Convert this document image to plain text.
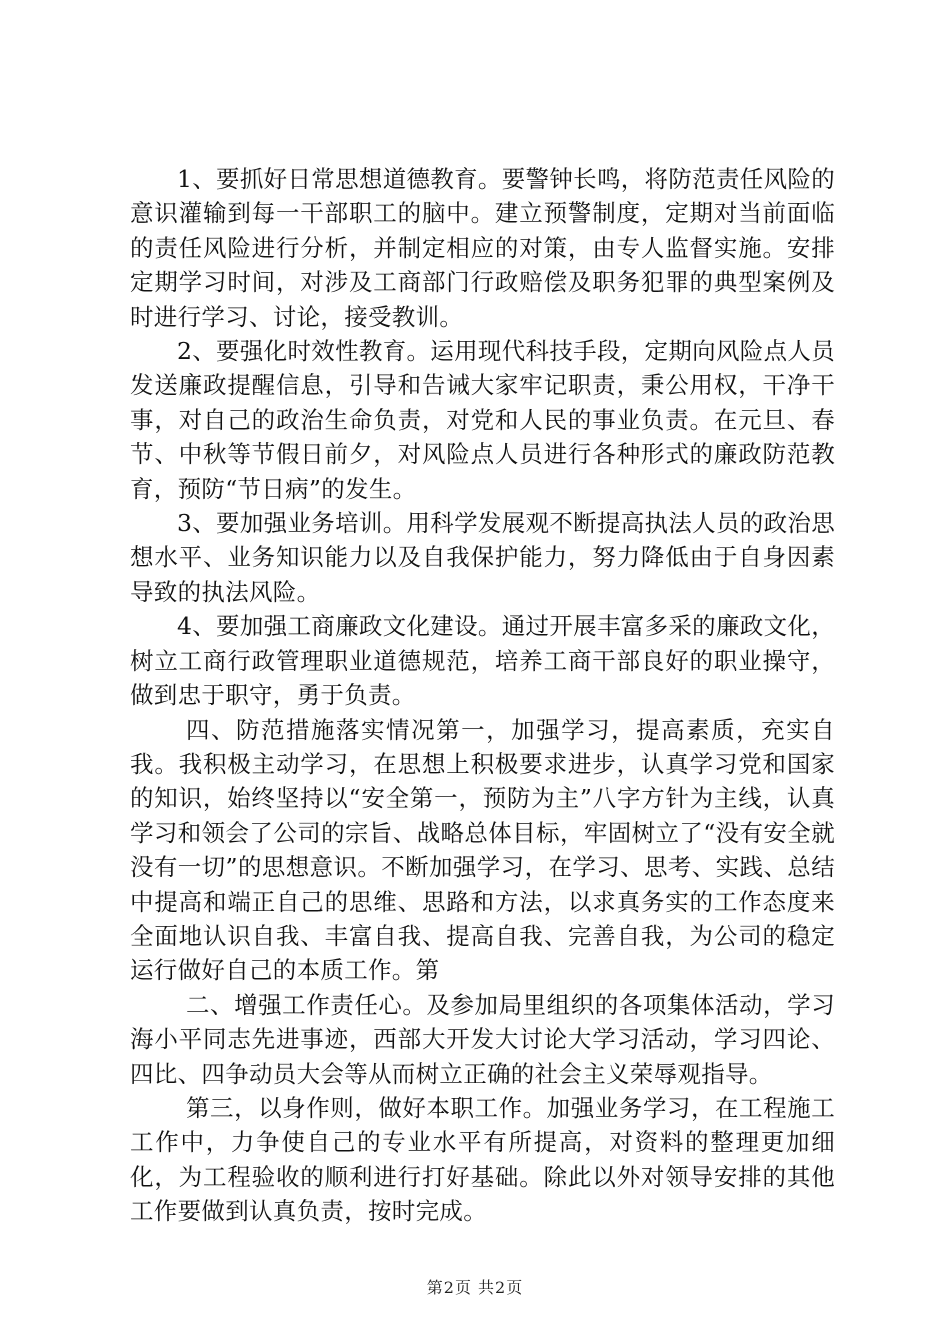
1、要抓好日常思想道德教育。要警钟长鸣，将防范责任风险的意识灌输到每一干部职工的脑中。建立预警制度，定期对当前面临的责任风险进行分析，并制定相应的对策，由专人监督实施。安排定期学习时间，对涉及工商部门行政赔偿及职务犯罪的典型案例及时进行学习、讨论，接受教训。

2、要强化时效性教育。运用现代科技手段，定期向风险点人员发送廉政提醒信息，引导和告诫大家牢记职责，秉公用权，干净干事，对自己的政治生命负责，对党和人民的事业负责。在元旦、春节、中秋等节假日前夕，对风险点人员进行各种形式的廉政防范教育，预防“节日病”的发生。

3、要加强业务培训。用科学发展观不断提高执法人员的政治思想水平、业务知识能力以及自我保护能力，努力降低由于自身因素导致的执法风险。

4、要加强工商廉政文化建设。通过开展丰富多采的廉政文化，树立工商行政管理职业道德规范，培养工商干部良好的职业操守，做到忠于职守，勇于负责。

四、防范措施落实情况第一，加强学习，提高素质，充实自我。我积极主动学习，在思想上积极要求进步，认真学习党和国家的知识，始终坚持以“安全第一，预防为主”八字方针为主线，认真学习和领会了公司的宗旨、战略总体目标，牢固树立了“没有安全就没有一切”的思想意识。不断加强学习，在学习、思考、实践、总结中提高和端正自己的思维、思路和方法，以求真务实的工作态度来全面地认识自我、丰富自我、提高自我、完善自我，为公司的稳定运行做好自己的本质工作。第

二、增强工作责任心。及参加局里组织的各项集体活动，学习海小平同志先进事迹，西部大开发大讨论大学习活动，学习四论、四比、四争动员大会等从而树立正确的社会主义荣辱观指导。

第三，以身作则，做好本职工作。加强业务学习，在工程施工工作中，力争使自己的专业水平有所提高，对资料的整理更加细化，为工程验收的顺利进行打好基础。除此以外对领导安排的其他工作要做到认真负责，按时完成。

第2页 共2页
